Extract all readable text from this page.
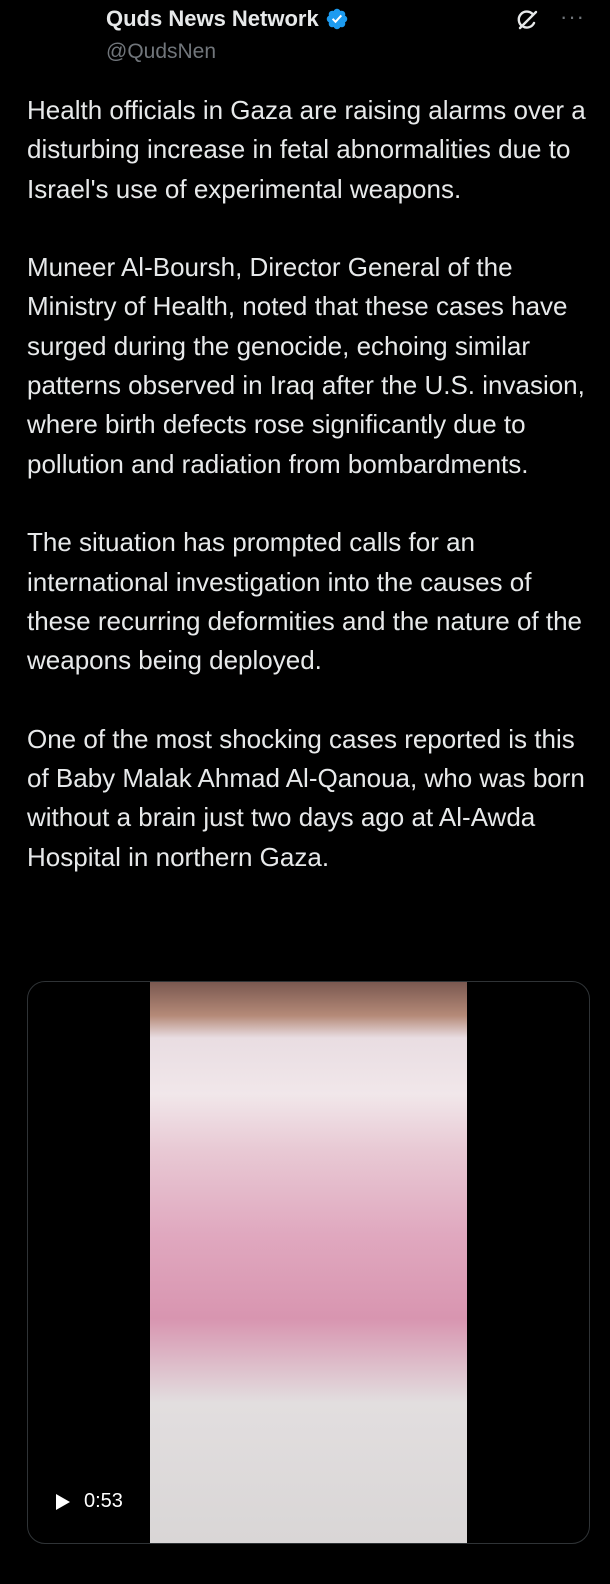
Quds News Network
@QudsNen
···
Health officials in Gaza are raising alarms over a disturbing increase in fetal abnormalities due to Israel's use of experimental weapons.

Muneer Al-Boursh, Director General of the Ministry of Health, noted that these cases have surged during the genocide, echoing similar patterns observed in Iraq after the U.S. invasion, where birth defects rose significantly due to pollution and radiation from bombardments.

The situation has prompted calls for an international investigation into the causes of these recurring deformities and the nature of the weapons being deployed.

One of the most shocking cases reported is this of Baby Malak Ahmad Al-Qanoua, who was born without a brain just two days ago at Al-Awda Hospital in northern Gaza.
0:53
